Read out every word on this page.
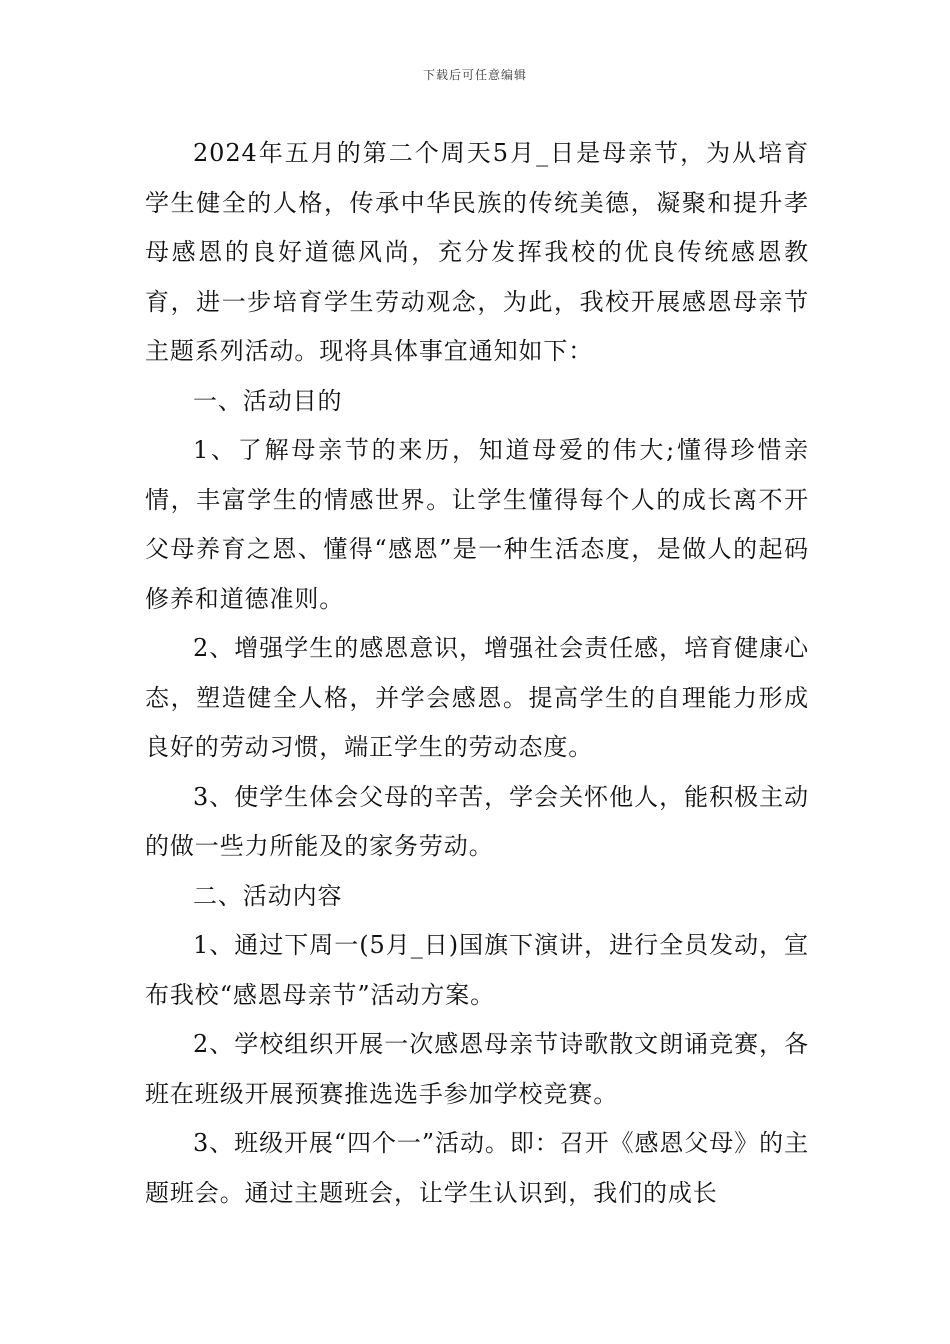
下载后可任意编辑

2024年五月的第二个周天5月_日是母亲节，为从培育学生健全的人格，传承中华民族的传统美德，凝聚和提升孝母感恩的良好道德风尚，充分发挥我校的优良传统感恩教育，进一步培育学生劳动观念，为此，我校开展感恩母亲节主题系列活动。现将具体事宜通知如下：

一、活动目的

1、了解母亲节的来历，知道母爱的伟大;懂得珍惜亲情，丰富学生的情感世界。让学生懂得每个人的成长离不开父母养育之恩、懂得“感恩”是一种生活态度，是做人的起码修养和道德准则。

2、增强学生的感恩意识，增强社会责任感，培育健康心态，塑造健全人格，并学会感恩。提高学生的自理能力形成良好的劳动习惯，端正学生的劳动态度。

3、使学生体会父母的辛苦，学会关怀他人，能积极主动的做一些力所能及的家务劳动。

二、活动内容

1、通过下周一(5月_日)国旗下演讲，进行全员发动，宣布我校“感恩母亲节”活动方案。

2、学校组织开展一次感恩母亲节诗歌散文朗诵竞赛，各班在班级开展预赛推选选手参加学校竞赛。

3、班级开展“四个一”活动。即：召开《感恩父母》的主题班会。通过主题班会，让学生认识到，我们的成长
